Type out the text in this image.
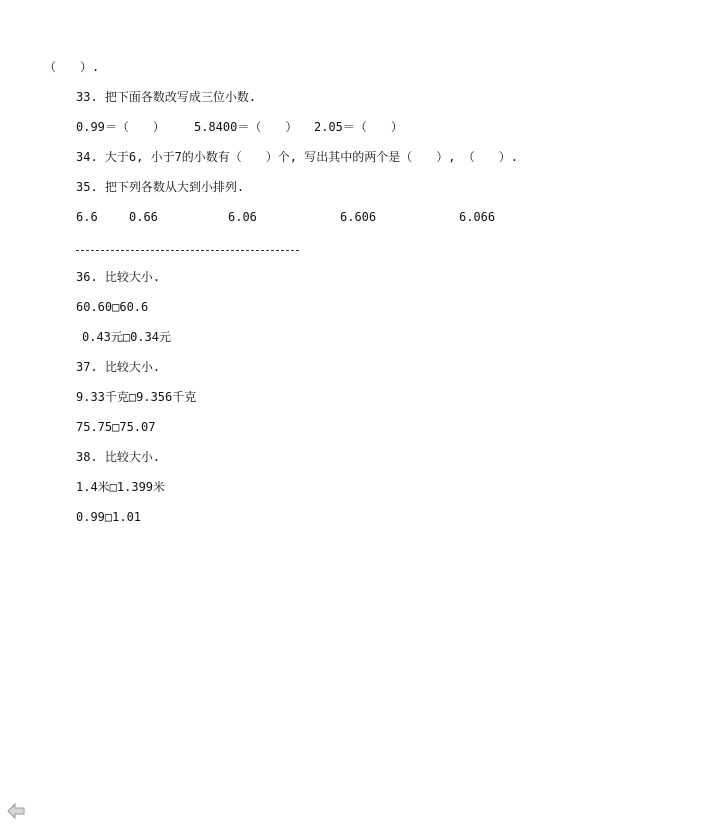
（　　）.
33. 把下面各数改写成三位小数.

0.99＝（　　）

5.8400＝（　　）

2.05＝（　　）

34. 大于6, 小于7的小数有（　　）个, 写出其中的两个是（　　）, （　　）.
35. 把下列各数从大到小排列.

6.6

	0.66

	6.06

	6.606

	6.066

36. 比较大小.
60.60□60.6
0.43元□0.34元
37. 比较大小.
9.33千克□9.356千克
75.75□75.07
38. 比较大小.
1.4米□1.399米
0.99□1.01
